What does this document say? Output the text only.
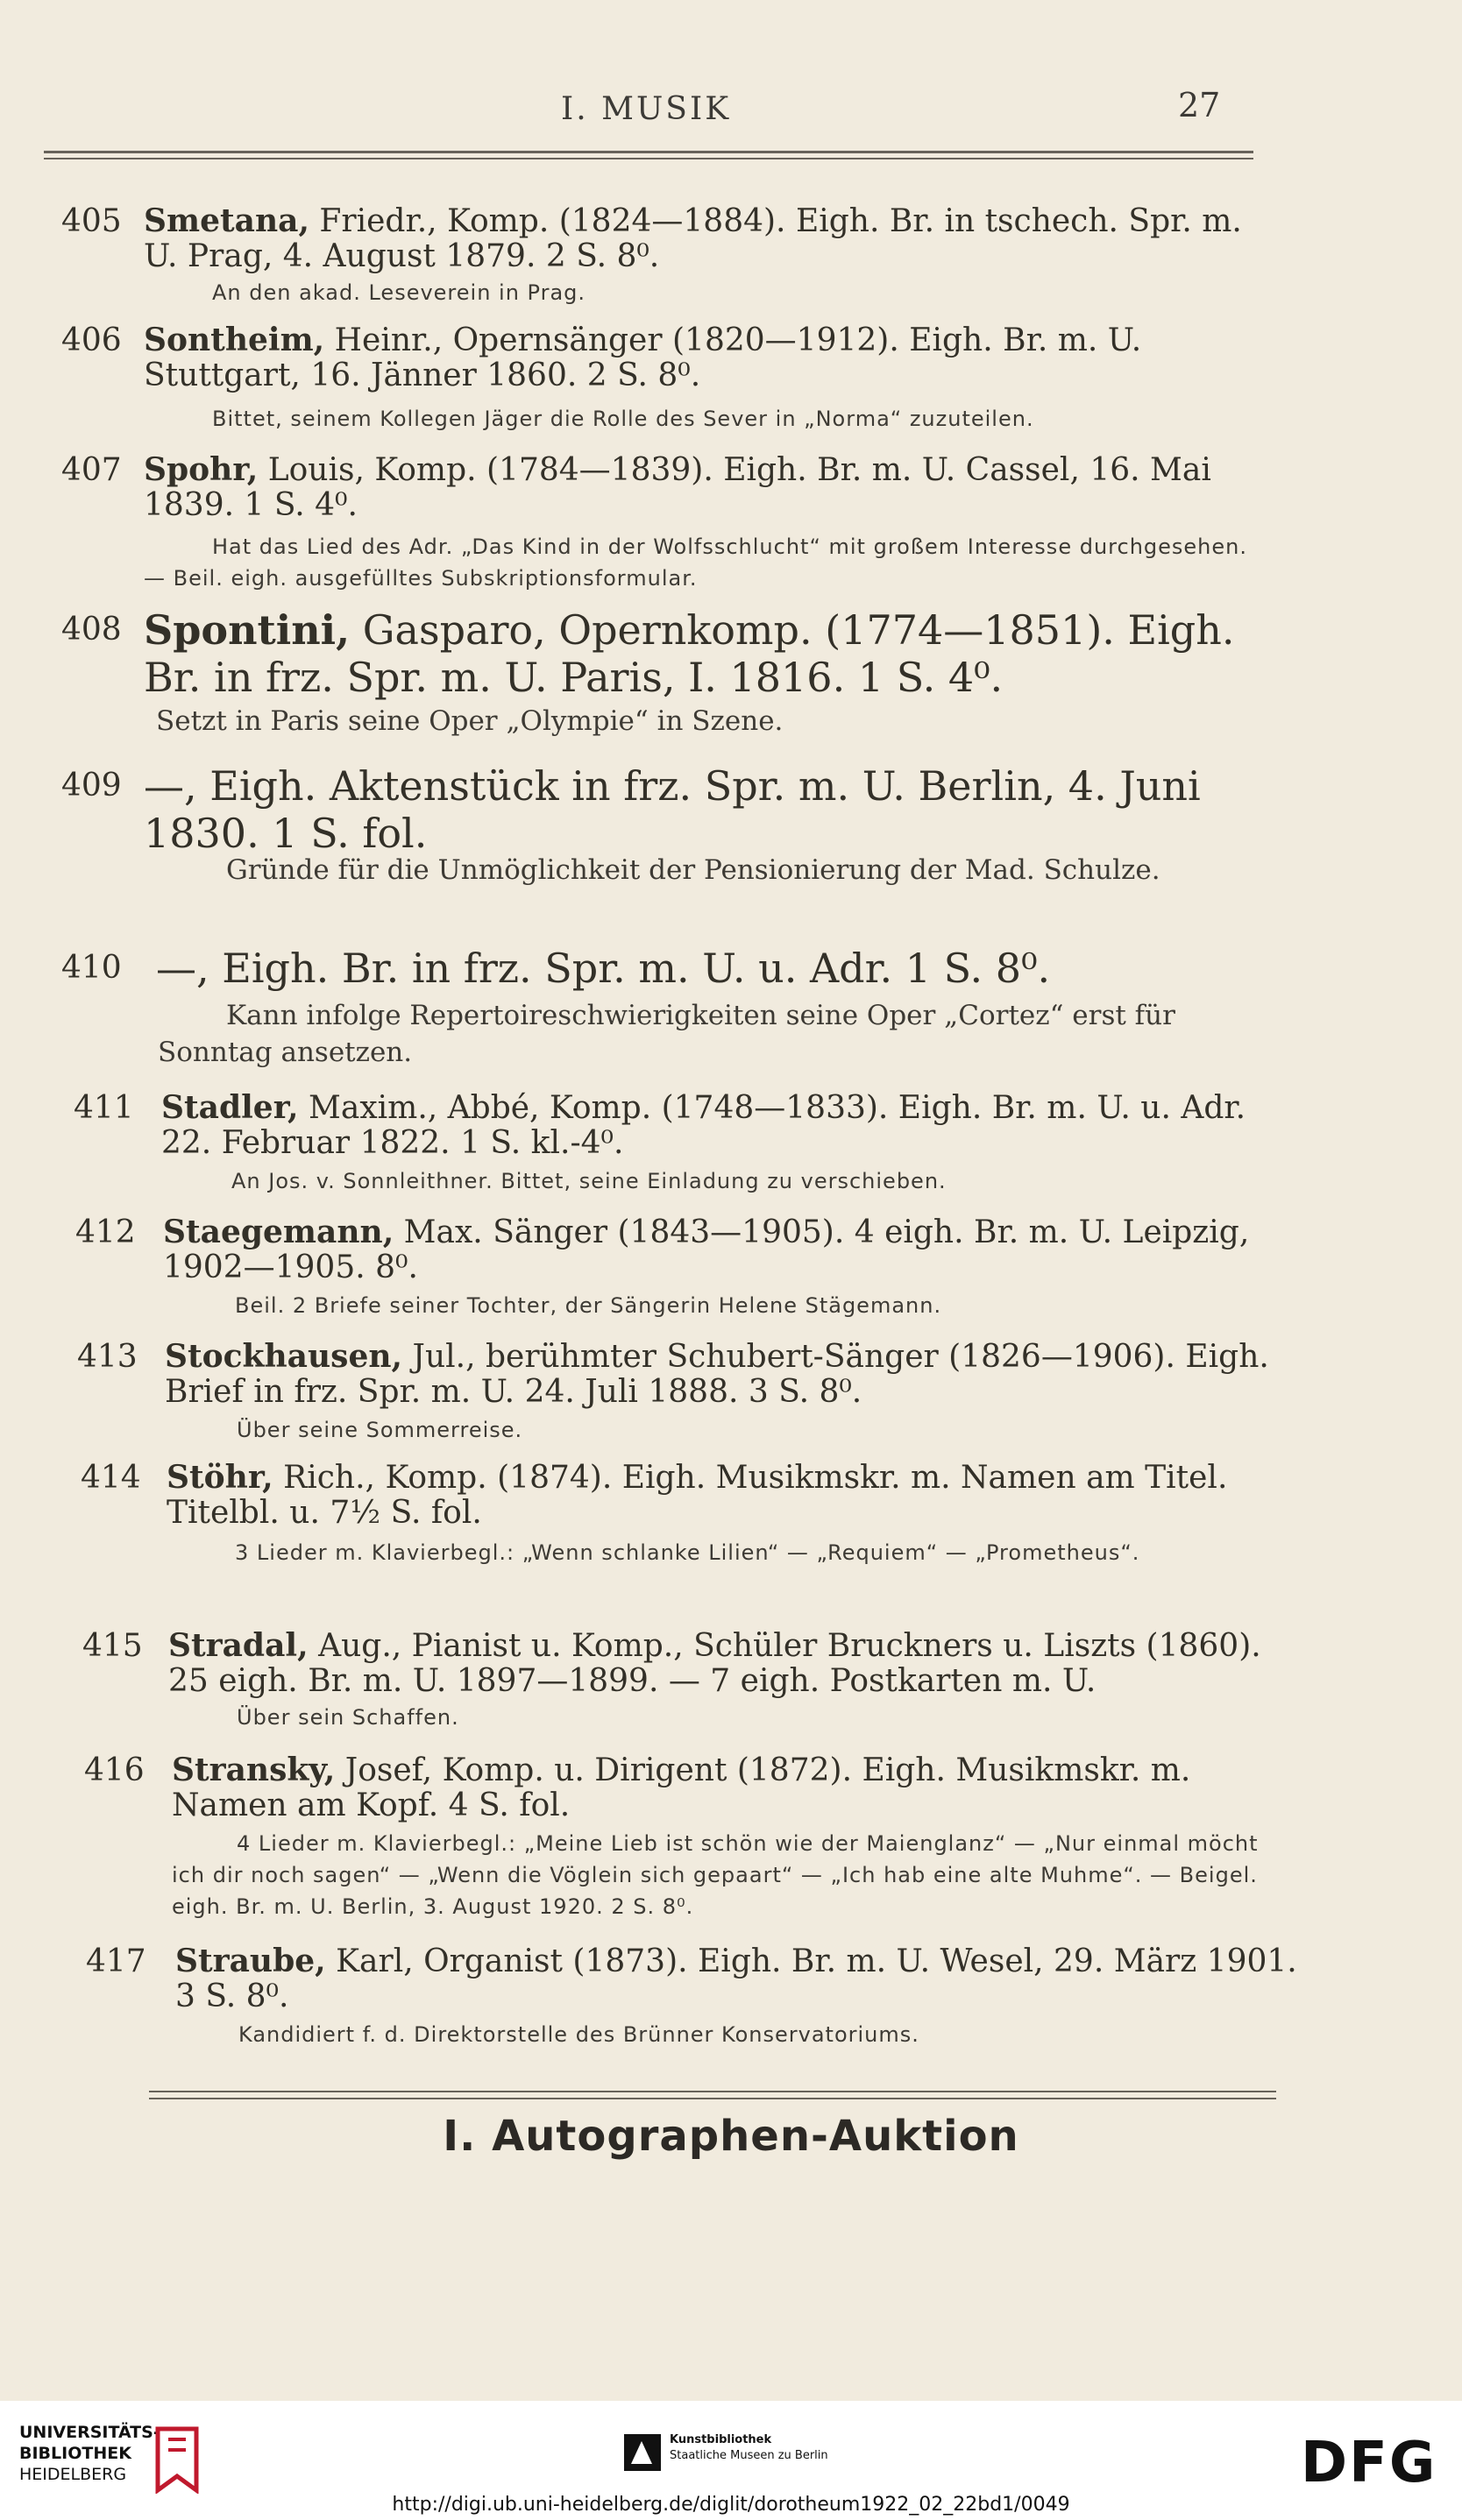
I. MUSIK	27
405 Smetana, Friedr., Komp. (1824—1884). Eigh. Br. in tschech. Spr. m. U. Prag, 4. August 1879. 2 S. 8⁰.
An den akad. Leseverein in Prag.
406 Sontheim, Heinr., Opernsänger (1820—1912). Eigh. Br. m. U. Stuttgart, 16. Jänner 1860. 2 S. 8⁰.
Bittet, seinem Kollegen Jäger die Rolle des Sever in „Norma“ zuzuteilen.
407 Spohr, Louis, Komp. (1784—1839). Eigh. Br. m. U. Cassel, 16. Mai 1839. 1 S. 4⁰.
Hat das Lied des Adr. „Das Kind in der Wolfsschlucht“ mit großem Interesse durchgesehen. — Beil. eigh. ausgefülltes Subskriptionsformular.
408 Spontini, Gasparo, Opernkomp. (1774—1851). Eigh. Br. in frz. Spr. m. U. Paris, I. 1816. 1 S. 4⁰.
Setzt in Paris seine Oper „Olympie“ in Szene.
409 —, Eigh. Aktenstück in frz. Spr. m. U. Berlin, 4. Juni 1830. 1 S. fol.
Gründe für die Unmöglichkeit der Pensionierung der Mad. Schulze.
410 —, Eigh. Br. in frz. Spr. m. U. u. Adr. 1 S. 8⁰.
Kann infolge Repertoireschwierigkeiten seine Oper „Cortez“ erst für Sonntag ansetzen.
411 Stadler, Maxim., Abbé, Komp. (1748—1833). Eigh. Br. m. U. u. Adr. 22. Februar 1822. 1 S. kl.-4⁰.
An Jos. v. Sonnleithner. Bittet, seine Einladung zu verschieben.
412 Staegemann, Max. Sänger (1843—1905). 4 eigh. Br. m. U. Leipzig, 1902—1905. 8⁰.
Beil. 2 Briefe seiner Tochter, der Sängerin Helene Stägemann.
413 Stockhausen, Jul., berühmter Schubert-Sänger (1826—1906). Eigh. Brief in frz. Spr. m. U. 24. Juli 1888. 3 S. 8⁰.
Über seine Sommerreise.
414 Stöhr, Rich., Komp. (1874). Eigh. Musikmskr. m. Namen am Titel. Titelbl. u. 7½ S. fol.
3 Lieder m. Klavierbegl.: „Wenn schlanke Lilien“ — „Requiem“ — „Prometheus“.
415 Stradal, Aug., Pianist u. Komp., Schüler Bruckners u. Liszts (1860). 25 eigh. Br. m. U. 1897—1899. — 7 eigh. Postkarten m. U.
Über sein Schaffen.
416 Stransky, Josef, Komp. u. Dirigent (1872). Eigh. Musikmskr. m. Namen am Kopf. 4 S. fol.
4 Lieder m. Klavierbegl.: „Meine Lieb ist schön wie der Maienglanz“ — „Nur einmal möcht ich dir noch sagen“ — „Wenn die Vöglein sich gepaart“ — „Ich hab eine alte Muhme“. — Beigel. eigh. Br. m. U. Berlin, 3. August 1920. 2 S. 8⁰.
417 Straube, Karl, Organist (1873). Eigh. Br. m. U. Wesel, 29. März 1901. 3 S. 8⁰.
Kandidiert f. d. Direktorstelle des Brünner Konservatoriums.
I. Autographen-Auktion
UNIVERSITÄTS-
BIBLIOTHEK
HEIDELBERG
Kunstbibliothek
Staatliche Museen zu Berlin	DFG
http://digi.ub.uni-heidelberg.de/diglit/dorotheum1922_02_22bd1/0049
